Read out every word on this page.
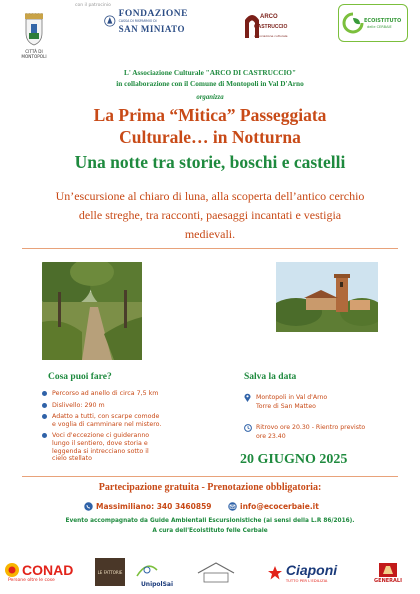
con il patrocinio
CITTÀ DI
MONTOPOLI
FONDAZIONE
CASSA DI RISPARMIO DI
SAN MINIATO
ARCO
CASTRUCCIO
Associazione culturale
ECOISTITUTO
delle CERBAIE
L' Associazione Culturale "ARCO DI CASTRUCCIO"
in collaborazione con il Comune di Montopoli in Val D'Arno
organizza
La Prima “Mitica” Passeggiata
Culturale… in Notturna
Una notte tra storie, boschi e castelli
Un’escursione al chiaro di luna, alla scoperta dell’antico cerchio
delle streghe, tra racconti, paesaggi incantati e vestigia
medievali.
Cosa puoi fare?
Percorso ad anello di circa 7,5 km
Dislivello: 290 m
Adatto a tutti, con scarpe comode e voglia di camminare nel mistero.
Voci d'eccezione ci guideranno lungo il sentiero, dove storia e leggenda si intrecciano sotto il cielo stellato
Salva la data
Montopoli in Val d'Arno
Torre di San Matteo
Ritrovo ore 20.30 - Rientro previsto
ore 23.40
20 GIUGNO 2025
Partecipazione gratuita - Prenotazione obbligatoria:
Massimiliano: 340 3460859	info@ecocerbaie.it
Evento accompagnato da Guide Ambientali Escursionistiche (ai sensi della L.R 86/2016).
A cura dell'Ecoistituto felle Cerbaie
CONAD
Persone oltre le cose
LE FATTORIE
UnipolSai
Ciaponi
TUTTO PER L'EDILIZIA	GENERALI
